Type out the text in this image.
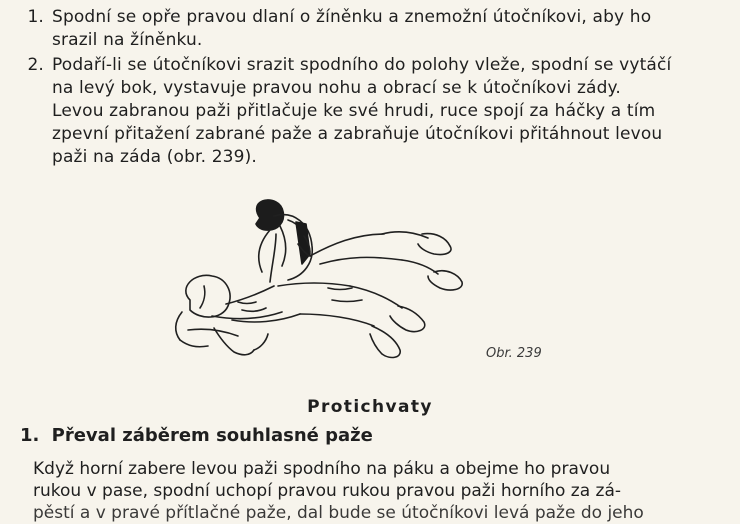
1. Spodní se opře pravou dlaní o žíněnku a znemožní útočníkovi, aby ho
srazil na žíněnku.
2. Podaří-li se útočníkovi srazit spodního do polohy vleže, spodní se vytáčí
na levý bok, vystavuje pravou nohu a obrací se k útočníkovi zády.
Levou zabranou paži přitlačuje ke své hrudi, ruce spojí za háčky a tím
zpevní přitažení zabrané paže a zabraňuje útočníkovi přitáhnout levou
paži na záda (obr. 239).
Obr. 239
Protichvaty
1. Převal záběrem souhlasné paže
Když horní zabere levou paži spodního na páku a obejme ho pravou
rukou v pase, spodní uchopí pravou rukou pravou paži horního za zá-
pěstí a v pravé přítlačné paže, dal bude se útočníkovi levá paže do jeho
